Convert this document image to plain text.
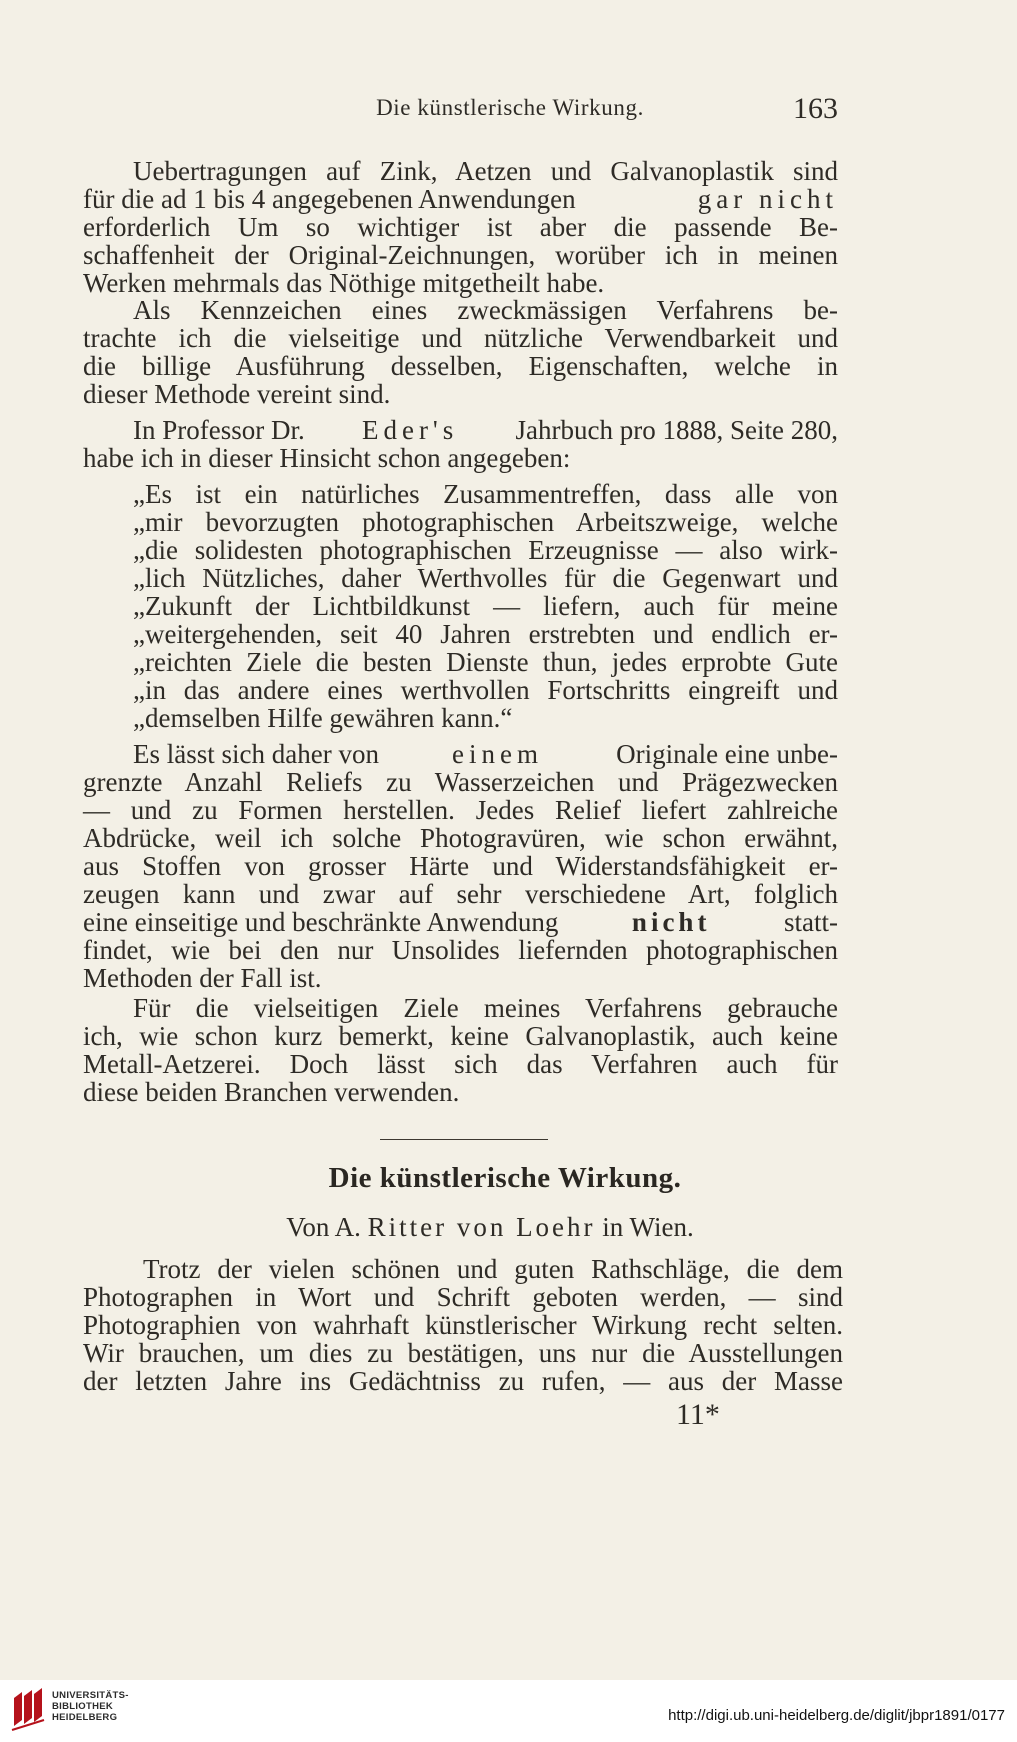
Die künstlerische Wirkung.	163
Uebertragungen auf Zink, Aetzen und Galvanoplastik sind
für die ad 1 bis 4 angegebenen Anwendungen	gar nicht
erforderlich Um so wichtiger ist aber die passende Be-
schaffenheit der Original-Zeichnungen, worüber ich in meinen
Werken mehrmals das Nöthige mitgetheilt habe.
Als Kennzeichen eines zweckmässigen Verfahrens be-
trachte ich die vielseitige und nützliche Verwendbarkeit und
die billige Ausführung desselben, Eigenschaften, welche in
dieser Methode vereint sind.
In Professor Dr. Eder's Jahrbuch pro 1888, Seite 280,
habe ich in dieser Hinsicht schon angegeben:
„Es ist ein natürliches Zusammentreffen, dass alle von
„mir bevorzugten photographischen Arbeitszweige, welche
„die solidesten photographischen Erzeugnisse — also wirk-
„lich Nützliches, daher Werthvolles für die Gegenwart und
„Zukunft der Lichtbildkunst — liefern, auch für meine
„weitergehenden, seit 40 Jahren erstrebten und endlich er-
„reichten Ziele die besten Dienste thun, jedes erprobte Gute
„in das andere eines werthvollen Fortschritts eingreift und
„demselben Hilfe gewähren kann.“
Es lässt sich daher von	einem	Originale eine unbe-
grenzte Anzahl Reliefs zu Wasserzeichen und Prägezwecken
— und zu Formen herstellen. Jedes Relief liefert zahlreiche
Abdrücke, weil ich solche Photogravüren, wie schon erwähnt,
aus Stoffen von grosser Härte und Widerstandsfähigkeit er-
zeugen kann und zwar auf sehr verschiedene Art, folglich
eine einseitige und beschränkte Anwendung	nicht	statt-
findet, wie bei den nur Unsolides liefernden photographischen
Methoden der Fall ist.
Für die vielseitigen Ziele meines Verfahrens gebrauche
ich, wie schon kurz bemerkt, keine Galvanoplastik, auch keine
Metall-Aetzerei. Doch lässt sich das Verfahren auch für
diese beiden Branchen verwenden.
Die künstlerische Wirkung.
Von A. Ritter von Loehr in Wien.
Trotz der vielen schönen und guten Rathschläge, die dem
Photographen in Wort und Schrift geboten werden, — sind
Photographien von wahrhaft künstlerischer Wirkung recht selten.
Wir brauchen, um dies zu bestätigen, uns nur die Ausstellungen
der letzten Jahre ins Gedächtniss zu rufen, — aus der Masse
11*
UNIVERSITÄTS-
BIBLIOTHEK
HEIDELBERG	http://digi.ub.uni-heidelberg.de/diglit/jbpr1891/0177
